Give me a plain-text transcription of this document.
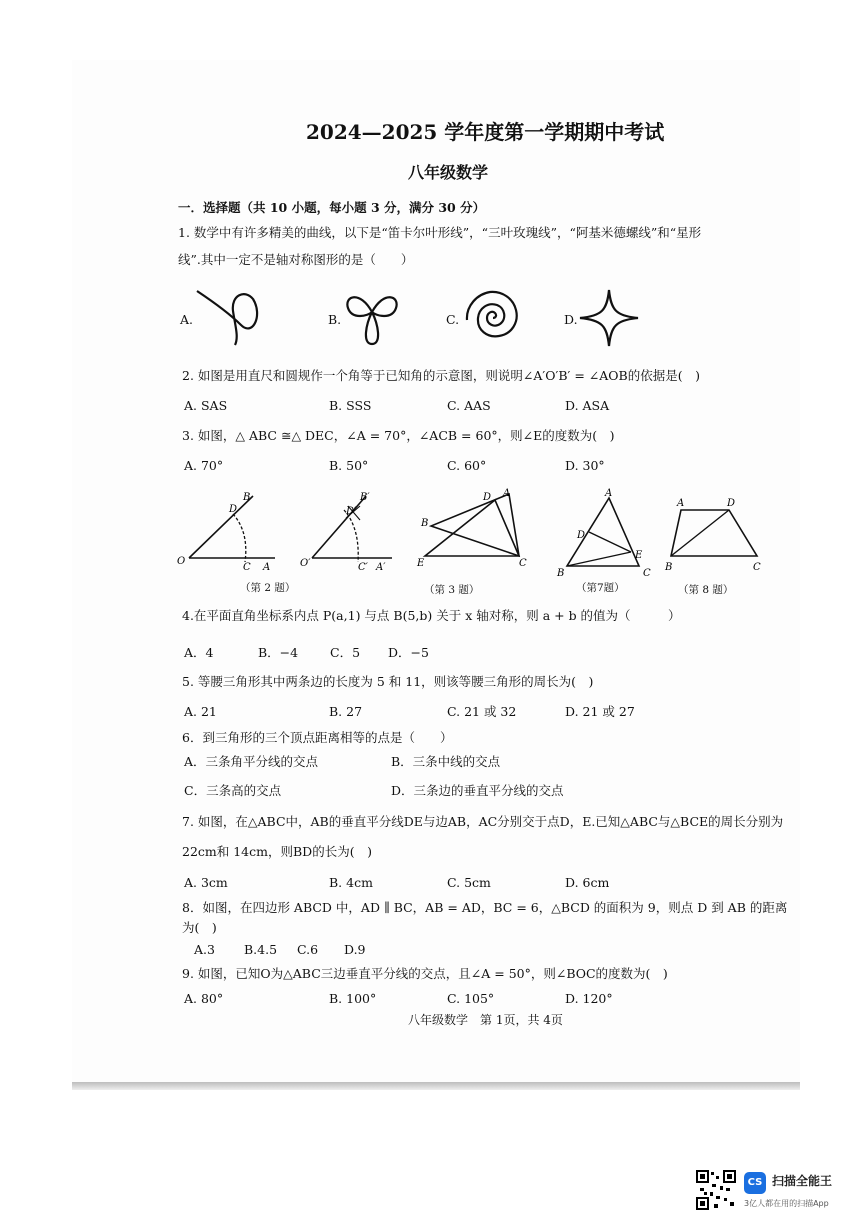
2024—2025 学年度第一学期期中考试
八年级数学
一．选择题（共 10 小题，每小题 3 分，满分 30 分）
1. 数学中有许多精美的曲线，以下是“笛卡尔叶形线”，“三叶玫瑰线”，“阿基米德螺线”和“星形
线”.其中一定不是轴对称图形的是（　　）
A.	B.	C.	D.
2. 如图是用直尺和圆规作一个角等于已知角的示意图，则说明∠A′O′B′ = ∠AOB的依据是(　)
A. SAS	B. SSS	C. AAS	D. ASA
3. 如图，△ ABC ≅△ DEC，∠A = 70°，∠ACB = 60°，则∠E的度数为(　)
A. 70°	B. 50°	C. 60°	D. 30°
B
D
O
C A
B′
D′
O′	C′ A′
（第 2 题）
D A
B
E	C
（第 3 题）
A
D
E
B	C
（第7题）
A	D
B	C
（第 8 题）
4.在平面直角坐标系内点 P(a,1) 与点 B(5,b) 关于 x 轴对称，则 a + b 的值为（　　　）
A．4	B．−4	C．5 D．−5
5. 等腰三角形其中两条边的长度为 5 和 11，则该等腰三角形的周长为(　)
A. 21	B. 27	C. 21 或 32	D. 21 或 27
6．到三角形的三个顶点距离相等的点是（　　）
A．三条角平分线的交点	B．三条中线的交点
C．三条高的交点	D．三条边的垂直平分线的交点
7. 如图，在△ABC中，AB的垂直平分线DE与边AB，AC分别交于点D，E.已知△ABC与△BCE的周长分别为
22cm和 14cm，则BD的长为(　)
A. 3cm	B. 4cm	C. 5cm	D. 6cm
8．如图，在四边形 ABCD 中，AD ∥ BC，AB = AD，BC = 6，△BCD 的面积为 9，则点 D 到 AB 的距离
为(　)
A.3 B.4.5 C.6 D.9
9. 如图，已知O为△ABC三边垂直平分线的交点，且∠A = 50°，则∠BOC的度数为(　)
A. 80°	B. 100°	C. 105°	D. 120°
八年级数学　第 1页，共 4页
CS 扫描全能王
3亿人都在用的扫描App
